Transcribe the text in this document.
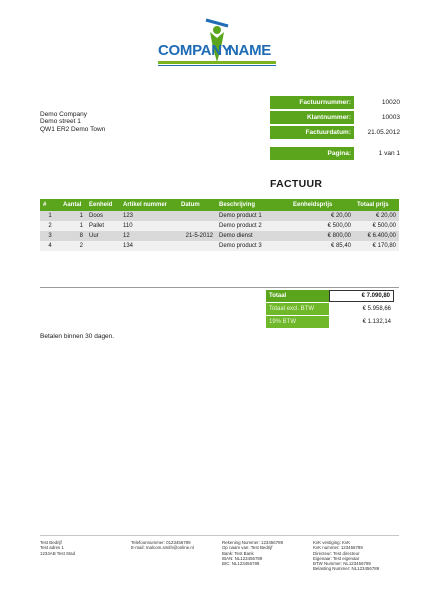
COMPANY
NAME
Demo Company
Demo street 1
QW1 ER2 Demo Town
Factuurnummer:	10020
Klantnummer:	10003
Factuurdatum:	21.05.2012
Pagina:	1 van 1
FACTUUR
#	Aantal	Eenheid	Artikel nummer	Datum	Beschrijving	Eenheidsprijs	Totaal prijs
1	1	Doos	123		Demo product 1	€ 20,00	€ 20,00
2	1	Pallet	110		Demo product 2	€ 500,00	€ 500,00
3	8	Uur	12	21-5-2012	Demo dienst	€ 800,00	€ 6.400,00
4	2		134		Demo product 3	€ 85,40	€ 170,80
Totaal	€ 7.090,80
Totaal excl. BTW	€ 5.958,66
19% BTW	€ 1.132,14
Betalen binnen 30 dagen.
Test Bedrijf
Test adres 1
1234AB Test Stad
Telefoonnummer: 0123456789
E-mail: malcom.smith@online.nl
Rekening Nummer: 123456789
Op naam van: Test Bedrijf
Bank: Test Bank
IBAN: NL123456789
BIC: NL123456789
KvK vestiging: KvK
KvK nummer: 123456789
Directeur: Test directeur
Eigenaar: Test eigenaar
BTW Nummer: NL123456789
Belasting Nummer: NL123456789
